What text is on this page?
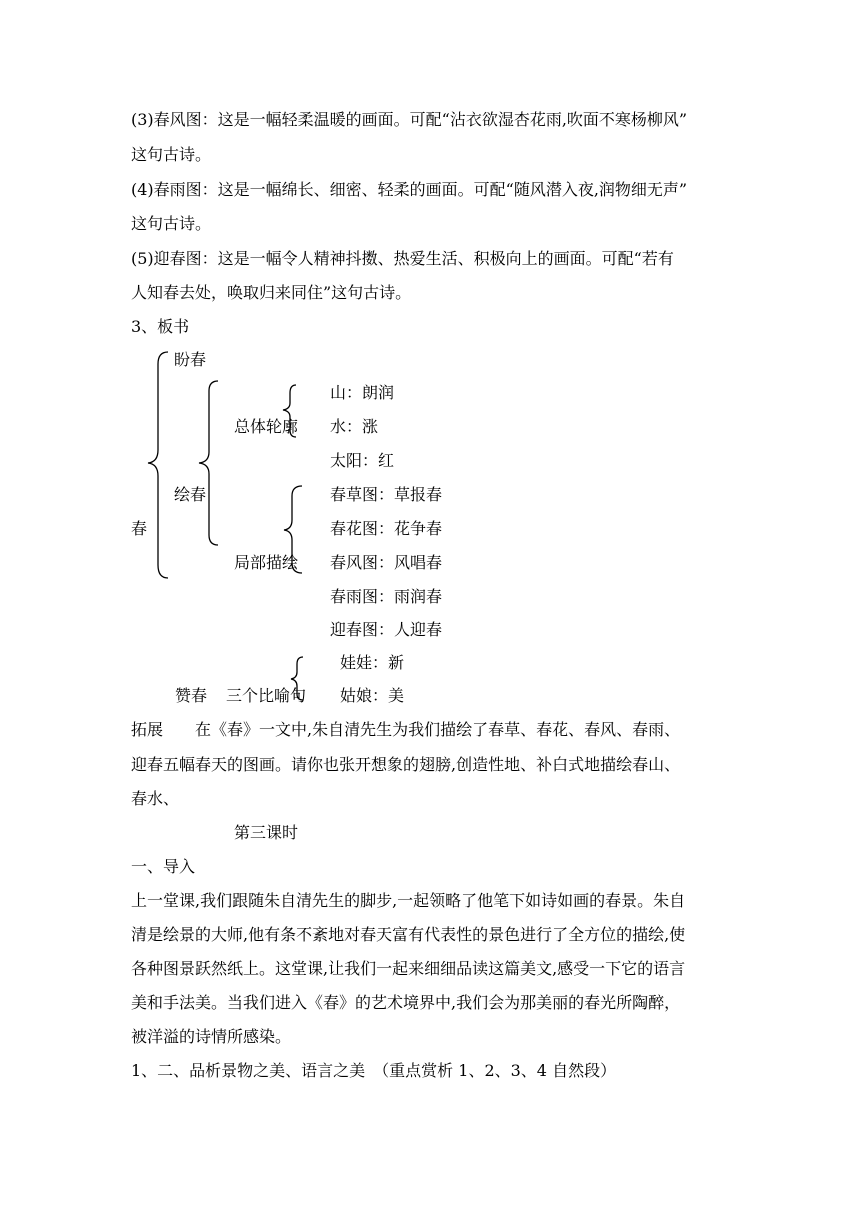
(3)春风图：这是一幅轻柔温暖的画面。可配“沾衣欲湿杏花雨,吹面不寒杨柳风”
这句古诗。
(4)春雨图：这是一幅绵长、细密、轻柔的画面。可配“随风潜入夜,润物细无声”
这句古诗。
(5)迎春图：这是一幅令人精神抖擞、热爱生活、积极向上的画面。可配“若有
人知春去处，唤取归来同住”这句古诗。
3、板书
春
盼春
绘春
赞春
总体轮廓
局部描绘
三个比喻句
山：朗润
水：涨
太阳：红
春草图：草报春
春花图：花争春
春风图：风唱春
春雨图：雨润春
迎春图：人迎春
娃娃：新
姑娘：美
拓展　　在《春》一文中,朱自清先生为我们描绘了春草、春花、春风、春雨、
迎春五幅春天的图画。请你也张开想象的翅膀,创造性地、补白式地描绘春山、
春水、
第三课时
一、导入
上一堂课,我们跟随朱自清先生的脚步,一起领略了他笔下如诗如画的春景。朱自
清是绘景的大师,他有条不紊地对春天富有代表性的景色进行了全方位的描绘,使
各种图景跃然纸上。这堂课,让我们一起来细细品读这篇美文,感受一下它的语言
美和手法美。当我们进入《春》的艺术境界中,我们会为那美丽的春光所陶醉，
被洋溢的诗情所感染。
1、二、品析景物之美、语言之美　（重点赏析 1、2、3、4 自然段）
